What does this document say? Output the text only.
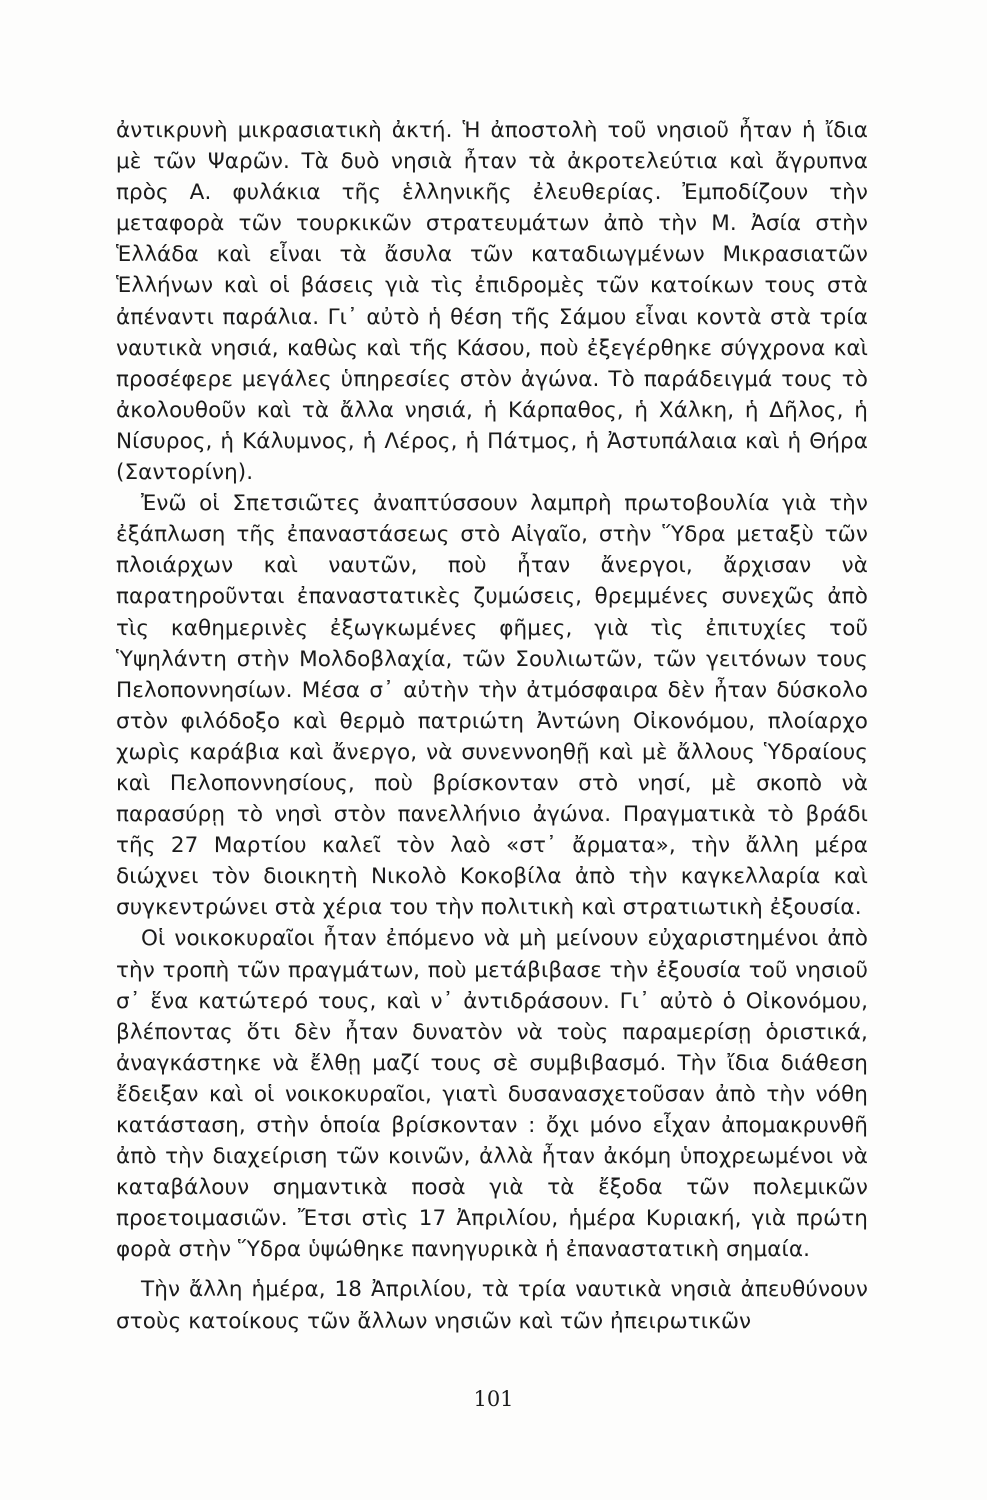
ἀντικρυνὴ μικρασιατικὴ ἀκτή. Ἡ ἀποστολὴ τοῦ νησιοῦ ἦταν ἡ ἴδια μὲ τῶν Ψαρῶν. Τὰ δυὸ νησιὰ ἦταν τὰ ἀκροτελεύτια καὶ ἄγρυπνα πρὸς Α. φυλάκια τῆς ἑλληνικῆς ἐλευθερίας. Ἐμποδίζουν τὴν μεταφορὰ τῶν τουρκικῶν στρατευμάτων ἀπὸ τὴν Μ. Ἀσία στὴν Ἑλλάδα καὶ εἶναι τὰ ἄσυλα τῶν καταδιωγμένων Μικρασιατῶν Ἑλλήνων καὶ οἱ βάσεις γιὰ τὶς ἐπιδρομὲς τῶν κατοίκων τους στὰ ἀπέναντι παράλια. Γι᾿ αὐτὸ ἡ θέση τῆς Σάμου εἶναι κοντὰ στὰ τρία ναυτικὰ νησιά, καθὼς καὶ τῆς Κάσου, ποὺ ἐξεγέρθηκε σύγχρονα καὶ προσέφερε μεγάλες ὑπηρεσίες στὸν ἀγώνα. Τὸ παράδειγμά τους τὸ ἀκολουθοῦν καὶ τὰ ἄλλα νησιά, ἡ Κάρπαθος, ἡ Χάλκη, ἡ Δῆλος, ἡ Νίσυρος, ἡ Κάλυμνος, ἡ Λέρος, ἡ Πάτμος, ἡ Ἀστυπάλαια καὶ ἡ Θήρα (Σαντορίνη).

Ἐνῶ οἱ Σπετσιῶτες ἀναπτύσσουν λαμπρὴ πρωτοβουλία γιὰ τὴν ἐξάπλωση τῆς ἐπαναστάσεως στὸ Αἰγαῖο, στὴν Ὕδρα μεταξὺ τῶν πλοιάρχων καὶ ναυτῶν, ποὺ ἦταν ἄνεργοι, ἄρχισαν νὰ παρατηροῦνται ἐπαναστατικὲς ζυμώσεις, θρεμμένες συνεχῶς ἀπὸ τὶς καθημερινὲς ἐξωγκωμένες φῆμες, γιὰ τὶς ἐπιτυχίες τοῦ Ὑψηλάντη στὴν Μολδοβλαχία, τῶν Σουλιωτῶν, τῶν γειτόνων τους Πελοποννησίων. Μέσα σ᾿ αὐτὴν τὴν ἀτμόσφαιρα δὲν ἦταν δύσκολο στὸν φιλόδοξο καὶ θερμὸ πατριώτη Ἀντώνη Οἰκονόμου, πλοίαρχο χωρὶς καράβια καὶ ἄνεργο, νὰ συνεννοηθῇ καὶ μὲ ἄλλους Ὑδραίους καὶ Πελοποννησίους, ποὺ βρίσκονταν στὸ νησί, μὲ σκοπὸ νὰ παρασύρῃ τὸ νησὶ στὸν πανελλήνιο ἀγώνα. Πραγματικὰ τὸ βράδι τῆς 27 Μαρτίου καλεῖ τὸν λαὸ «στ᾿ ἄρματα», τὴν ἄλλη μέρα διώχνει τὸν διοικητὴ Νικολὸ Κοκοβίλα ἀπὸ τὴν καγκελλαρία καὶ συγκεντρώνει στὰ χέρια του τὴν πολιτικὴ καὶ στρατιωτικὴ ἐξουσία.

Οἱ νοικοκυραῖοι ἦταν ἐπόμενο νὰ μὴ μείνουν εὐχαριστημένοι ἀπὸ τὴν τροπὴ τῶν πραγμάτων, ποὺ μετάβιβασε τὴν ἐξουσία τοῦ νησιοῦ σ᾿ ἕνα κατώτερό τους, καὶ ν᾿ ἀντιδράσουν. Γι᾿ αὐτὸ ὁ Οἰκονόμου, βλέποντας ὅτι δὲν ἦταν δυνατὸν νὰ τοὺς παραμερίσῃ ὁριστικά, ἀναγκάστηκε νὰ ἔλθῃ μαζί τους σὲ συμβιβασμό. Τὴν ἴδια διάθεση ἔδειξαν καὶ οἱ νοικοκυραῖοι, γιατὶ δυσανασχετοῦσαν ἀπὸ τὴν νόθη κατάσταση, στὴν ὁποία βρίσκονταν : ὄχι μόνο εἶχαν ἀπομακρυνθῆ ἀπὸ τὴν διαχείριση τῶν κοινῶν, ἀλλὰ ἦταν ἀκόμη ὑποχρεωμένοι νὰ καταβάλουν σημαντικὰ ποσὰ γιὰ τὰ ἔξοδα τῶν πολεμικῶν προετοιμασιῶν. Ἔτσι στὶς 17 Ἀπριλίου, ἡμέρα Κυριακή, γιὰ πρώτη φορὰ στὴν Ὕδρα ὑψώθηκε πανηγυρικὰ ἡ ἐπαναστατικὴ σημαία.

Τὴν ἄλλη ἡμέρα, 18 Ἀπριλίου, τὰ τρία ναυτικὰ νησιὰ ἀπευθύνουν στοὺς κατοίκους τῶν ἄλλων νησιῶν καὶ τῶν ἠπειρωτικῶν

101
